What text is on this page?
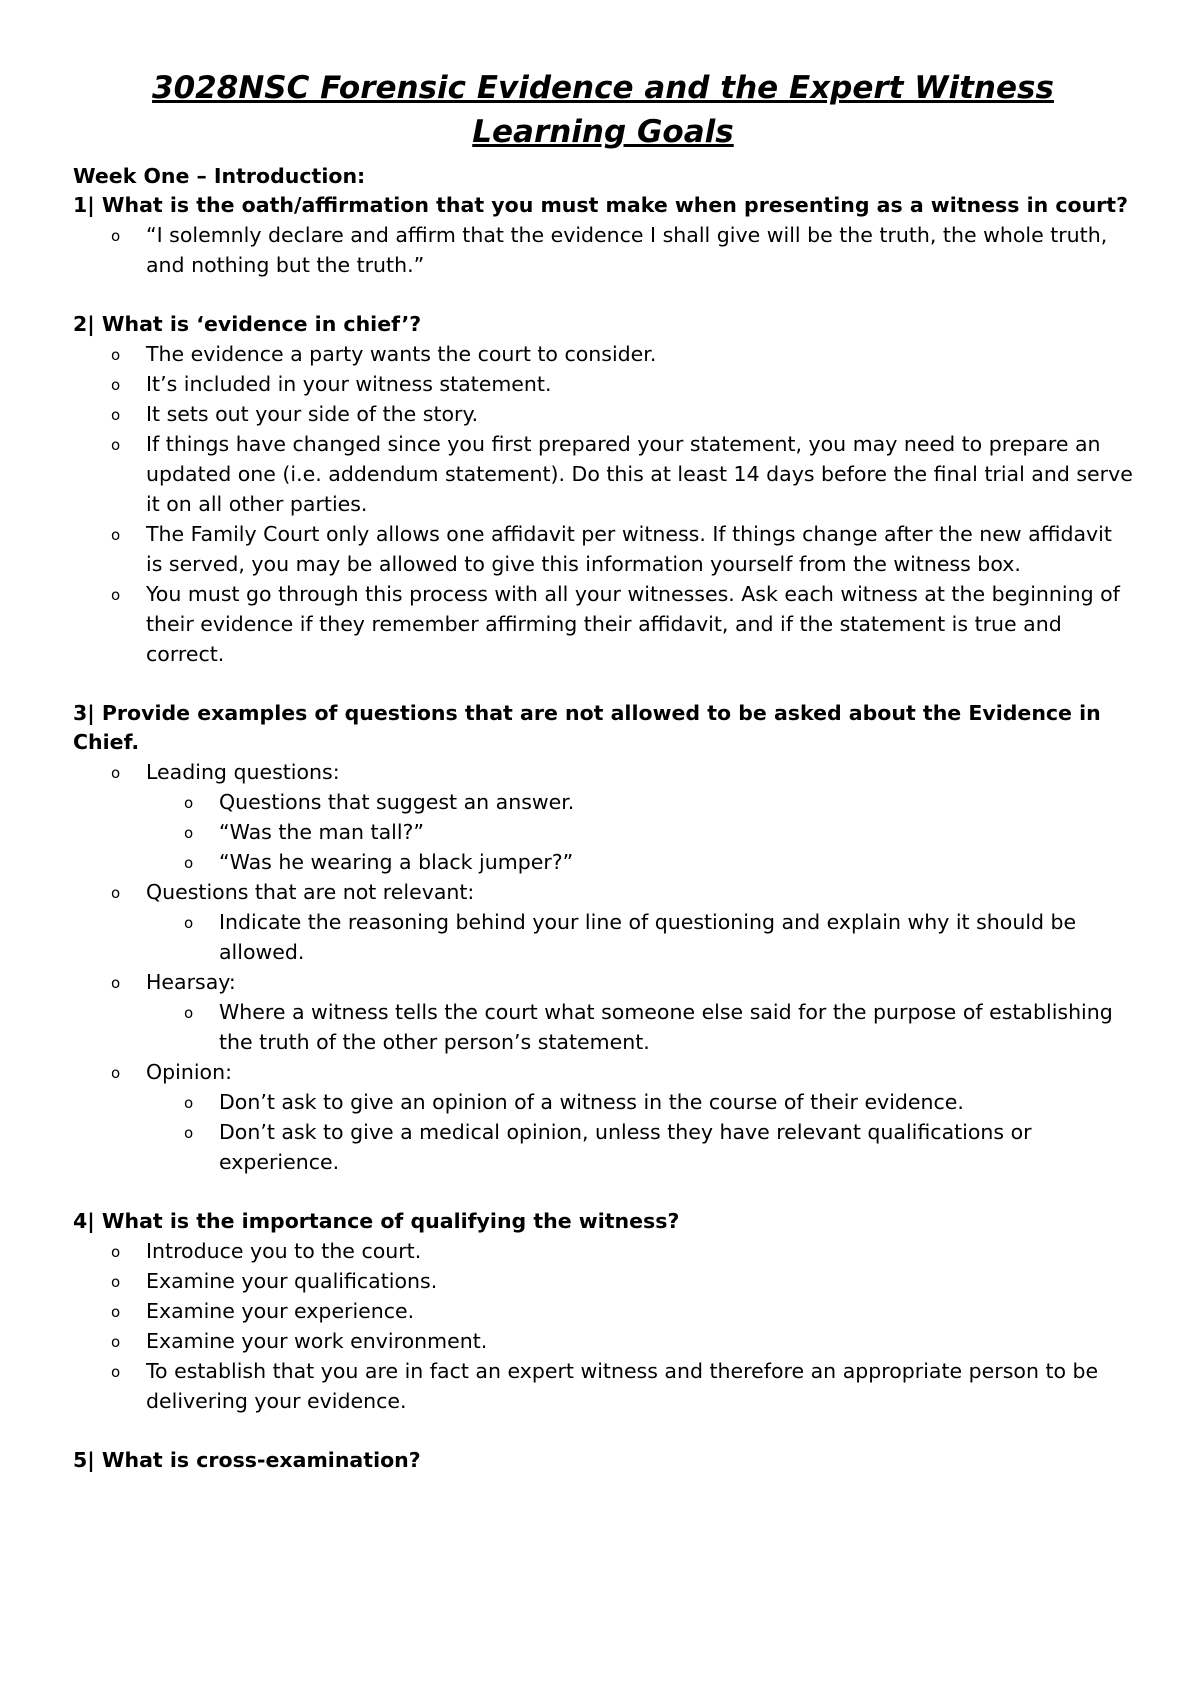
3028NSC Forensic Evidence and the Expert Witness
Learning Goals

Week One – Introduction:

1| What is the oath/affirmation that you must make when presenting as a witness in court?

o “I solemnly declare and affirm that the evidence I shall give will be the truth, the whole truth, and nothing but the truth.”

2| What is ‘evidence in chief’?

o The evidence a party wants the court to consider.
o It’s included in your witness statement.
o It sets out your side of the story.
o If things have changed since you first prepared your statement, you may need to prepare an updated one (i.e. addendum statement). Do this at least 14 days before the final trial and serve it on all other parties.
o The Family Court only allows one affidavit per witness. If things change after the new affidavit is served, you may be allowed to give this information yourself from the witness box.
o You must go through this process with all your witnesses. Ask each witness at the beginning of their evidence if they remember affirming their affidavit, and if the statement is true and correct.

3| Provide examples of questions that are not allowed to be asked about the Evidence in Chief.

o Leading questions:
o Questions that suggest an answer.
o “Was the man tall?”
o “Was he wearing a black jumper?”
o Questions that are not relevant:
o Indicate the reasoning behind your line of questioning and explain why it should be allowed.
o Hearsay:
o Where a witness tells the court what someone else said for the purpose of establishing the truth of the other person’s statement.
o Opinion:
o Don’t ask to give an opinion of a witness in the course of their evidence.
o Don’t ask to give a medical opinion, unless they have relevant qualifications or experience.

4| What is the importance of qualifying the witness?

o Introduce you to the court.
o Examine your qualifications.
o Examine your experience.
o Examine your work environment.
o To establish that you are in fact an expert witness and therefore an appropriate person to be delivering your evidence.

5| What is cross-examination?
